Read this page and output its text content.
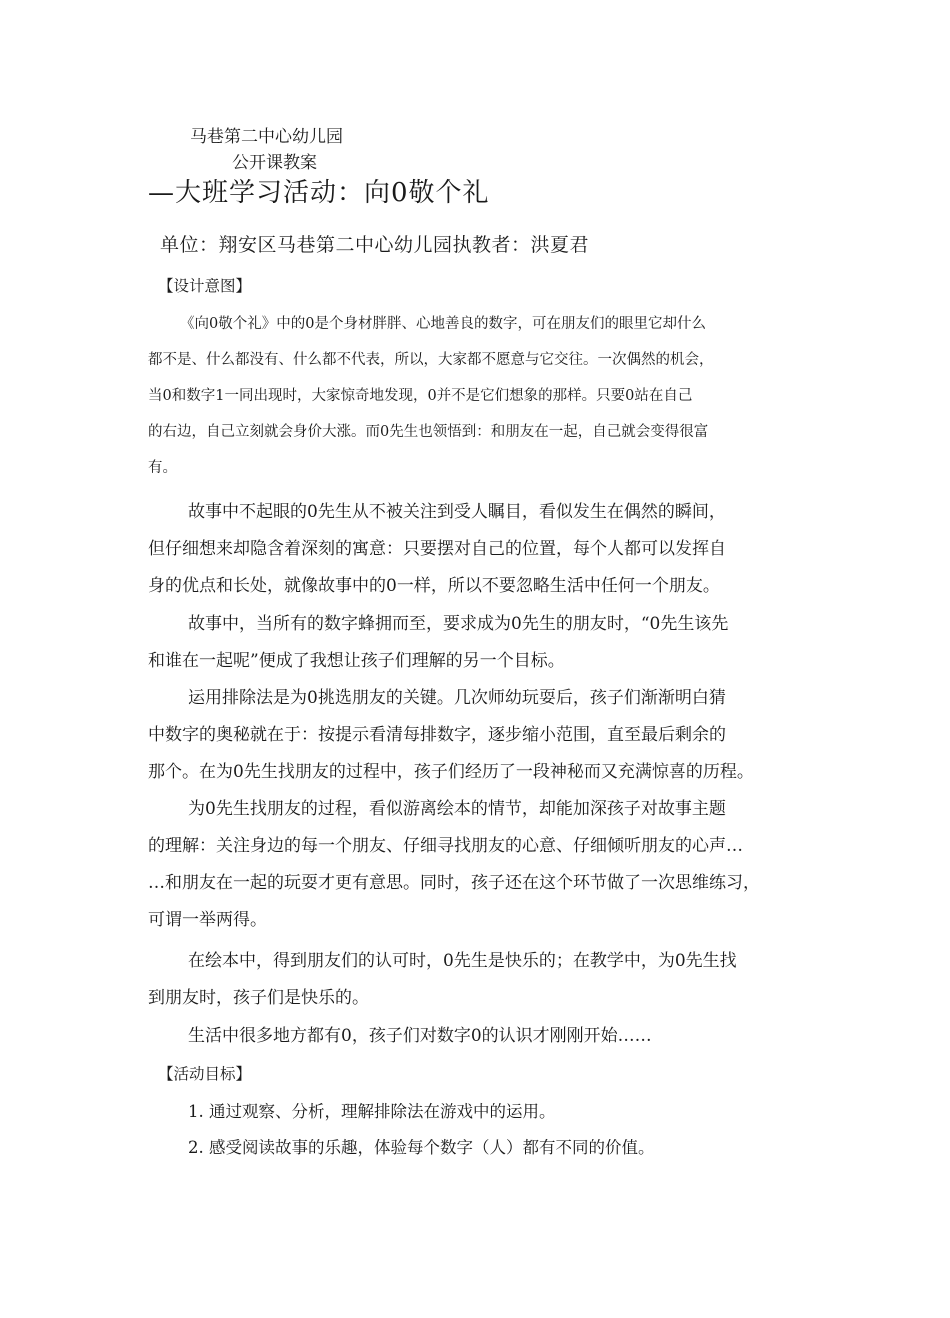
马巷第二中心幼儿园
公开课教案
—大班学习活动：向0敬个礼
单位：翔安区马巷第二中心幼儿园执教者：洪夏君
【设计意图】
《向0敬个礼》中的0是个身材胖胖、心地善良的数字，可在朋友们的眼里它却什么
都不是、什么都没有、什么都不代表，所以，大家都不愿意与它交往。一次偶然的机会，
当0和数字1一同出现时，大家惊奇地发现，0并不是它们想象的那样。只要0站在自己
的右边，自己立刻就会身价大涨。而0先生也领悟到：和朋友在一起，自己就会变得很富
有。
故事中不起眼的0先生从不被关注到受人瞩目，看似发生在偶然的瞬间，
但仔细想来却隐含着深刻的寓意：只要摆对自己的位置，每个人都可以发挥自
身的优点和长处，就像故事中的0一样，所以不要忽略生活中任何一个朋友。
故事中，当所有的数字蜂拥而至，要求成为0先生的朋友时，“0先生该先
和谁在一起呢”便成了我想让孩子们理解的另一个目标。
运用排除法是为0挑选朋友的关键。几次师幼玩耍后，孩子们渐渐明白猜
中数字的奥秘就在于：按提示看清每排数字，逐步缩小范围，直至最后剩余的
那个。在为0先生找朋友的过程中，孩子们经历了一段神秘而又充满惊喜的历程。
为0先生找朋友的过程，看似游离绘本的情节，却能加深孩子对故事主题
的理解：关注身边的每一个朋友、仔细寻找朋友的心意、仔细倾听朋友的心声…
…和朋友在一起的玩耍才更有意思。同时，孩子还在这个环节做了一次思维练习，
可谓一举两得。
在绘本中，得到朋友们的认可时，0先生是快乐的；在教学中，为0先生找
到朋友时，孩子们是快乐的。
生活中很多地方都有0，孩子们对数字0的认识才刚刚开始……
【活动目标】
1. 通过观察、分析，理解排除法在游戏中的运用。
2. 感受阅读故事的乐趣，体验每个数字（人）都有不同的价值。
